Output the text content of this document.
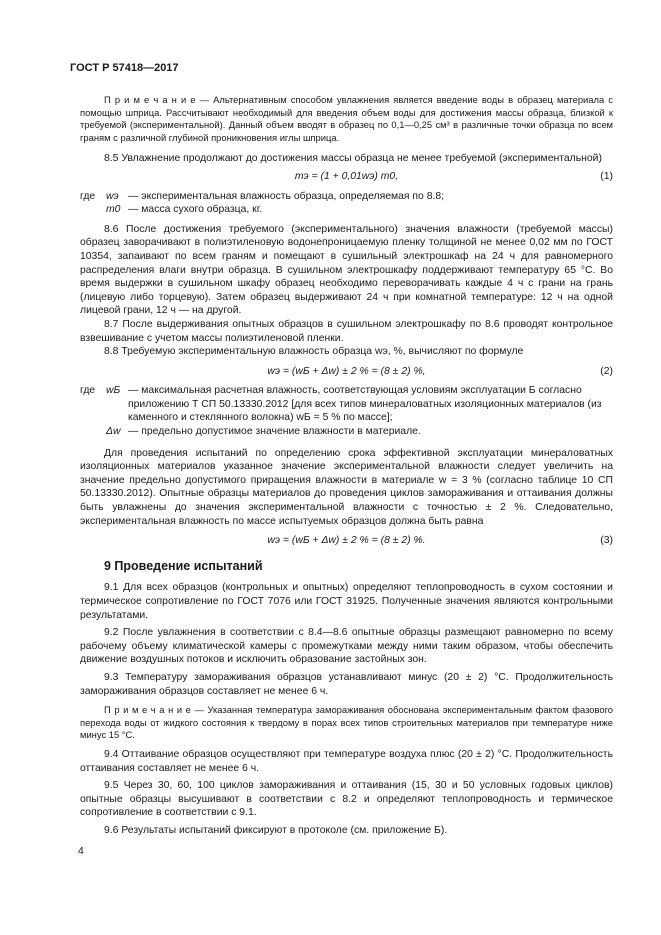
ГОСТ Р 57418—2017

П р и м е ч а н и е — Альтернативным способом увлажнения является введение воды в образец материала с помощью шприца. Рассчитывают необходимый для введения объем воды для достижения массы образца, близкой к требуемой (экспериментальной). Данный объем вводят в образец по 0,1—0,25 см³ в различные точки образца по всем граням с различной глубиной проникновения иглы шприца.

8.5 Увлажнение продолжают до достижения массы образца не менее требуемой (экспериментальной)

mэ = (1 + 0,01wэ) m0,	(1)
где	wэ — экспериментальная влажность образца, определяемая по 8.8;
m0 — масса сухого образца, кг.

8.6 После достижения требуемого (экспериментального) значения влажности (требуемой массы) образец заворачивают в полиэтиленовую водонепроницаемую пленку толщиной не менее 0,02 мм по ГОСТ 10354, запаивают по всем граням и помещают в сушильный электрошкаф на 24 ч для равномерного распределения влаги внутри образца. В сушильном электрошкафу поддерживают температуру 65 °С. Во время выдержки в сушильном шкафу образец необходимо переворачивать каждые 4 ч с грани на грань (лицевую либо торцевую). Затем образец выдерживают 24 ч при комнатной температуре: 12 ч на одной лицевой грани, 12 ч — на другой.

8.7 После выдерживания опытных образцов в сушильном электрошкафу по 8.6 проводят контрольное взвешивание с учетом массы полиэтиленовой пленки.

8.8 Требуемую экспериментальную влажность образца wэ, %, вычисляют по формуле

wэ = (wБ + Δw) ± 2 % = (8 ± 2) %,	(2)
где	wБ — максимальная расчетная влажность, соответствующая условиям эксплуатации Б согласно приложению Т СП 50.13330.2012 [для всех типов минераловатных изоляционных материалов (из каменного и стеклянного волокна) wБ = 5 % по массе];
Δw — предельно допустимое значение влажности в материале.

Для проведения испытаний по определению срока эффективной эксплуатации минераловатных изоляционных материалов указанное значение экспериментальной влажности следует увеличить на значение предельно допустимого приращения влажности в материале w = 3 % (согласно таблице 10 СП 50.13330.2012). Опытные образцы материалов до проведения циклов замораживания и оттаивания должны быть увлажнены до значения экспериментальной влажности с точностью ± 2 %. Следовательно, экспериментальная влажность по массе испытуемых образцов должна быть равна

wэ = (wБ + Δw) ± 2 % = (8 ± 2) %.	(3)
9 Проведение испытаний

9.1 Для всех образцов (контрольных и опытных) определяют теплопроводность в сухом состоянии и термическое сопротивление по ГОСТ 7076 или ГОСТ 31925. Полученные значения являются контрольными результатами.

9.2 После увлажнения в соответствии с 8.4—8.6 опытные образцы размещают равномерно по всему рабочему объему климатической камеры с промежутками между ними таким образом, чтобы обеспечить движение воздушных потоков и исключить образование застойных зон.

9.3 Температуру замораживания образцов устанавливают минус (20 ± 2) °С. Продолжительность замораживания образцов составляет не менее 6 ч.

П р и м е ч а н и е — Указанная температура замораживания обоснована экспериментальным фактом фазового перехода воды от жидкого состояния к твердому в порах всех типов строительных материалов при температуре ниже минус 15 °С.

9.4 Оттаивание образцов осуществляют при температуре воздуха плюс (20 ± 2) °С. Продолжительность оттаивания составляет не менее 6 ч.

9.5 Через 30, 60, 100 циклов замораживания и оттаивания (15, 30 и 50 условных годовых циклов) опытные образцы высушивают в соответствии с 8.2 и определяют теплопроводность и термическое сопротивление в соответствии с 9.1.

9.6 Результаты испытаний фиксируют в протоколе (см. приложение Б).

4
